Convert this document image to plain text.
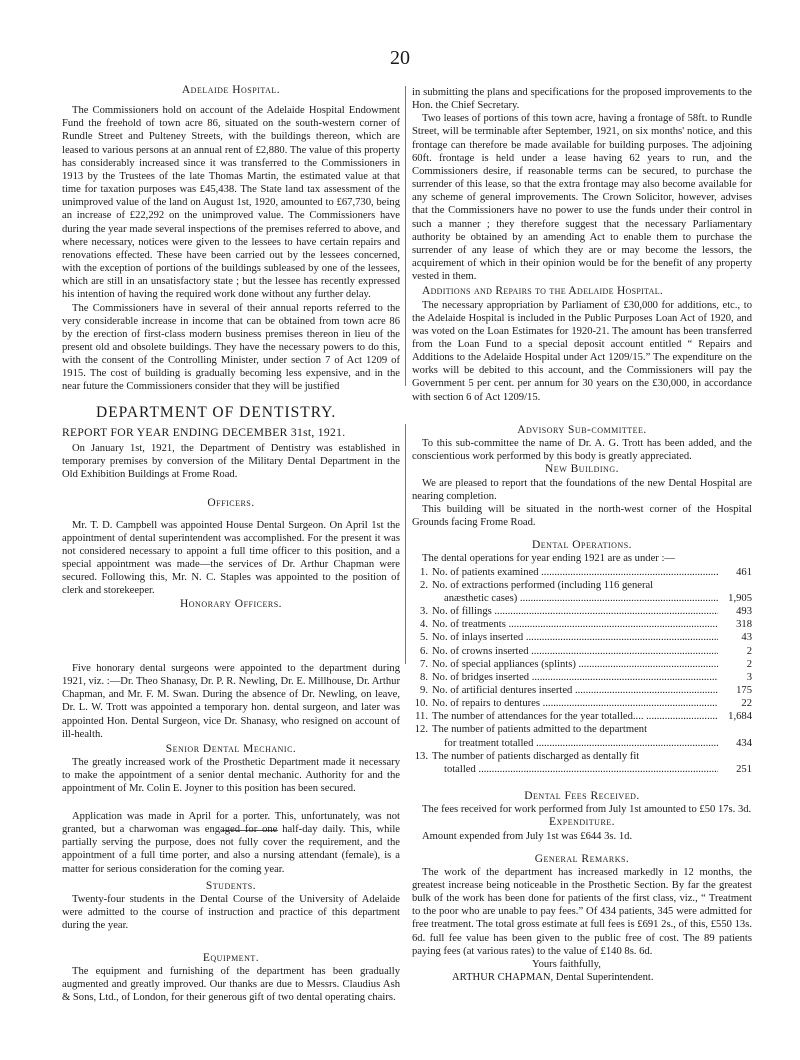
20

Adelaide Hospital.

The Commissioners hold on account of the Adelaide Hospital Endowment Fund the freehold of town acre 86, situated on the south-western corner of Rundle Street and Pulteney Streets, with the buildings thereon, which are leased to various persons at an annual rent of £2,880. The value of this property has considerably increased since it was transferred to the Commissioners in 1913 by the Trustees of the late Thomas Martin, the estimated value at that time for taxation purposes was £45,438. The State land tax assessment of the unimproved value of the land on August 1st, 1920, amounted to £67,730, being an increase of £22,292 on the unimproved value. The Commissioners have during the year made several inspections of the premises referred to above, and where necessary, notices were given to the lessees to have certain repairs and renovations effected. These have been carried out by the lessees concerned, with the exception of portions of the buildings subleased by one of the lessees, which are still in an unsatisfactory state ; but the lessee has recently expressed his intention of having the required work done without any further delay.

The Commissioners have in several of their annual reports referred to the very considerable increase in income that can be obtained from town acre 86 by the erection of first-class modern business premises thereon in lieu of the present old and obsolete buildings. They have the necessary powers to do this, with the consent of the Controlling Minister, under section 7 of Act 1209 of 1915. The cost of building is gradually becoming less expensive, and in the near future the Commissioners consider that they will be justified

in submitting the plans and specifications for the proposed improvements to the Hon. the Chief Secretary.

Two leases of portions of this town acre, having a frontage of 58ft. to Rundle Street, will be terminable after September, 1921, on six months' notice, and this frontage can therefore be made available for building purposes. The adjoining 60ft. frontage is held under a lease having 62 years to run, and the Commissioners desire, if reasonable terms can be secured, to purchase the surrender of this lease, so that the extra frontage may also become available for any scheme of general improvements. The Crown Solicitor, however, advises that the Commissioners have no power to use the funds under their control in such a manner ; they therefore suggest that the necessary Parliamentary authority be obtained by an amending Act to enable them to purchase the surrender of any lease of which they are or may become the lessors, the acquirement of which in their opinion would be for the benefit of any property vested in them.

Additions and Repairs to the Adelaide Hospital.

The necessary appropriation by Parliament of £30,000 for additions, etc., to the Adelaide Hospital is included in the Public Purposes Loan Act of 1920, and was voted on the Loan Estimates for 1920-21. The amount has been transferred from the Loan Fund to a special deposit account entitled “ Repairs and Additions to the Adelaide Hospital under Act 1209/15.” The expenditure on the works will be debited to this account, and the Commissioners will pay the Government 5 per cent. per annum for 30 years on the £30,000, in accordance with section 6 of Act 1209/15.

DEPARTMENT OF DENTISTRY.
REPORT FOR YEAR ENDING DECEMBER 31st, 1921.

On January 1st, 1921, the Department of Dentistry was established in temporary premises by conversion of the Military Dental Department in the Old Exhibition Buildings at Frome Road.

Officers.

Mr. T. D. Campbell was appointed House Dental Surgeon. On April 1st the appointment of dental superintendent was accomplished. For the present it was not considered necessary to appoint a full time officer to this position, and a special appointment was made—the services of Dr. Arthur Chapman were secured. Following this, Mr. N. C. Staples was appointed to the position of clerk and storekeeper.

Honorary Officers.

Five honorary dental surgeons were appointed to the department during 1921, viz. :—Dr. Theo Shanasy, Dr. P. R. Newling, Dr. E. Millhouse, Dr. Arthur Chapman, and Mr. F. M. Swan. During the absence of Dr. Newling, on leave, Dr. L. W. Trott was appointed a temporary hon. dental surgeon, and later was appointed Hon. Dental Surgeon, vice Dr. Shanasy, who resigned on account of ill-health.

Senior Dental Mechanic.

The greatly increased work of the Prosthetic Department made it necessary to make the appointment of a senior dental mechanic. Authority for and the appointment of Mr. Colin E. Joyner to this position has been secured.

Application was made in April for a porter. This, unfortunately, was not granted, but a charwoman was engaged for one half-day daily. This, while partially serving the purpose, does not fully cover the requirement, and the appointment of a full time porter, and also a nursing attendant (female), is a matter for serious consideration for the coming year.

Students.

Twenty-four students in the Dental Course of the University of Adelaide were admitted to the course of instruction and practice of this department during the year.

Equipment.

The equipment and furnishing of the department has been gradually augmented and greatly improved. Our thanks are due to Messrs. Claudius Ash & Sons, Ltd., of London, for their generous gift of two dental operating chairs.

Advisory Sub-committee.

To this sub-committee the name of Dr. A. G. Trott has been added, and the conscientious work performed by this body is greatly appreciated.

New Building.

We are pleased to report that the foundations of the new Dental Hospital are nearing completion.

This building will be situated in the north-west corner of the Hospital Grounds facing Frome Road.

Dental Operations.

The dental operations for year ending 1921 are as under :—

1. No. of patients examined .....	461
2. No. of extractions performed (including 116 general
anæsthetic cases) .....	1,905
3. No. of fillings .....	493
4. No. of treatments .....	318
5. No. of inlays inserted .....	43
6. No. of crowns inserted .....	2
7. No. of special appliances (splints) .....	2
8. No. of bridges inserted .....	3
9. No. of artificial dentures inserted .....	175
10. No. of repairs to dentures .....	22
11. The number of attendances for the year totalled.... .....	1,684
12. The number of patients admitted to the department
for treatment totalled .....	434
13. The number of patients discharged as dentally fit
totalled .....	251

Dental Fees Received.

The fees received for work performed from July 1st amounted to £50 17s. 3d.

Expenditure.

Amount expended from July 1st was £644 3s. 1d.

General Remarks.

The work of the department has increased markedly in 12 months, the greatest increase being noticeable in the Prosthetic Section. By far the greatest bulk of the work has been done for patients of the first class, viz., “ Treatment to the poor who are unable to pay fees.” Of 434 patients, 345 were admitted for free treatment. The total gross estimate at full fees is £691 2s., of this, £550 13s. 6d. full fee value has been given to the public free of cost. The 89 patients paying fees (at various rates) to the value of £140 8s. 6d.

Yours faithfully,

ARTHUR CHAPMAN, Dental Superintendent.
